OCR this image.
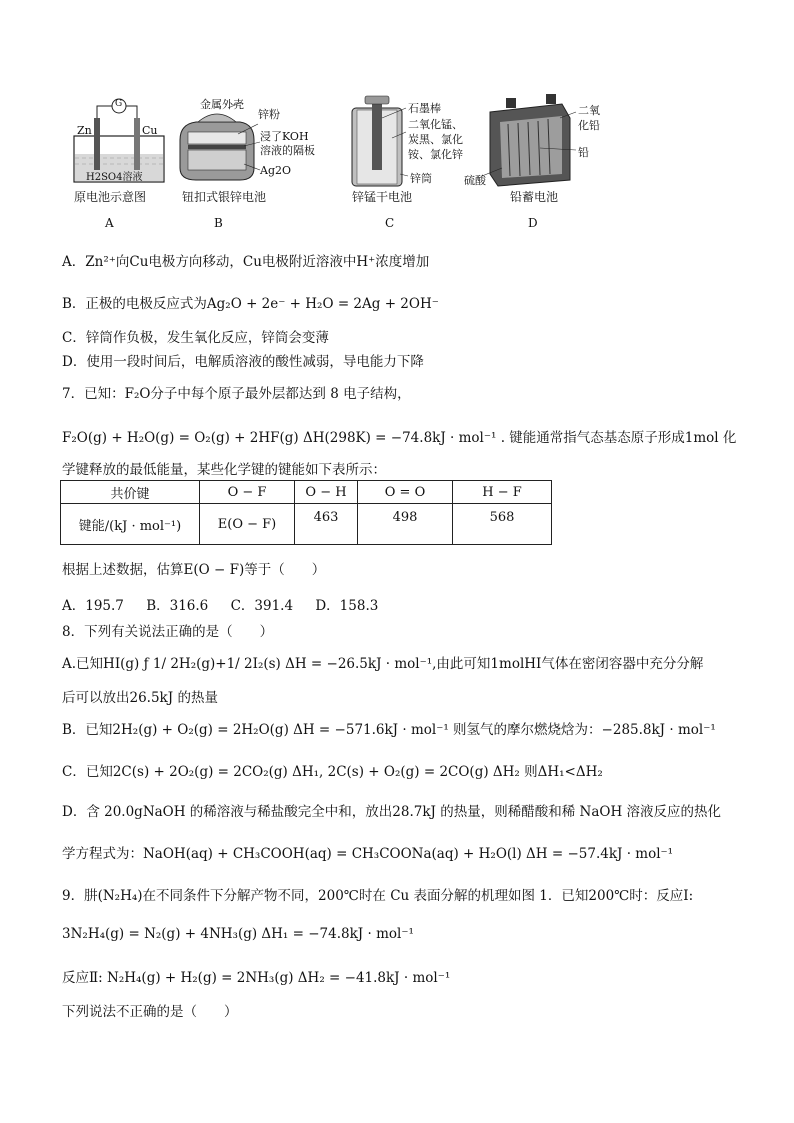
Zn	Cu
G
H2SO4溶液
原电池示意图
A
金属外壳
锌粉
浸了KOH
溶液的隔板
Ag2O
钮扣式银锌电池
B
石墨棒
二氧化锰、
炭黑、氯化
铵、氯化锌
锌筒
锌锰干电池
C
二氧
化铅
铅
硫酸
铅蓄电池
D
A．Zn²⁺向Cu电极方向移动，Cu电极附近溶液中H⁺浓度增加
B．正极的电极反应式为Ag₂O + 2e⁻ + H₂O = 2Ag + 2OH⁻
C．锌筒作负极，发生氧化反应，锌筒会变薄
D．使用一段时间后，电解质溶液的酸性减弱，导电能力下降
7．已知：F₂O分子中每个原子最外层都达到 8 电子结构，
F₂O(g) + H₂O(g) = O₂(g) + 2HF(g) ΔH(298K) = −74.8kJ · mol⁻¹ . 键能通常指气态基态原子形成1mol 化
学键释放的最低能量，某些化学键的键能如下表所示：
共价键	O − F	O − H	O = O	H − F
键能/(kJ · mol⁻¹)	E(O − F)	463	498	568
根据上述数据，估算E(O − F)等于（　　）
A．195.7 B．316.6 C．391.4 D．158.3
8．下列有关说法正确的是（　　）
A.已知HI(g) ƒ 1/ 2H₂(g)+1/ 2I₂(s) ΔH = −26.5kJ · mol⁻¹,由此可知1molHI气体在密闭容器中充分分解
后可以放出26.5kJ 的热量
B．已知2H₂(g) + O₂(g) = 2H₂O(g) ΔH = −571.6kJ · mol⁻¹ 则氢气的摩尔燃烧焓为：−285.8kJ · mol⁻¹
C．已知2C(s) + 2O₂(g) = 2CO₂(g) ΔH₁, 2C(s) + O₂(g) = 2CO(g) ΔH₂ 则ΔH₁<ΔH₂
D．含 20.0gNaOH 的稀溶液与稀盐酸完全中和，放出28.7kJ 的热量，则稀醋酸和稀 NaOH 溶液反应的热化
学方程式为：NaOH(aq) + CH₃COOH(aq) = CH₃COONa(aq) + H₂O(l) ΔH = −57.4kJ · mol⁻¹
9．肼(N₂H₄)在不同条件下分解产物不同，200℃时在 Cu 表面分解的机理如图 1．已知200℃时：反应Ⅰ:
3N₂H₄(g) = N₂(g) + 4NH₃(g) ΔH₁ = −74.8kJ · mol⁻¹
反应Ⅱ: N₂H₄(g) + H₂(g) = 2NH₃(g) ΔH₂ = −41.8kJ · mol⁻¹
下列说法不正确的是（　　）
